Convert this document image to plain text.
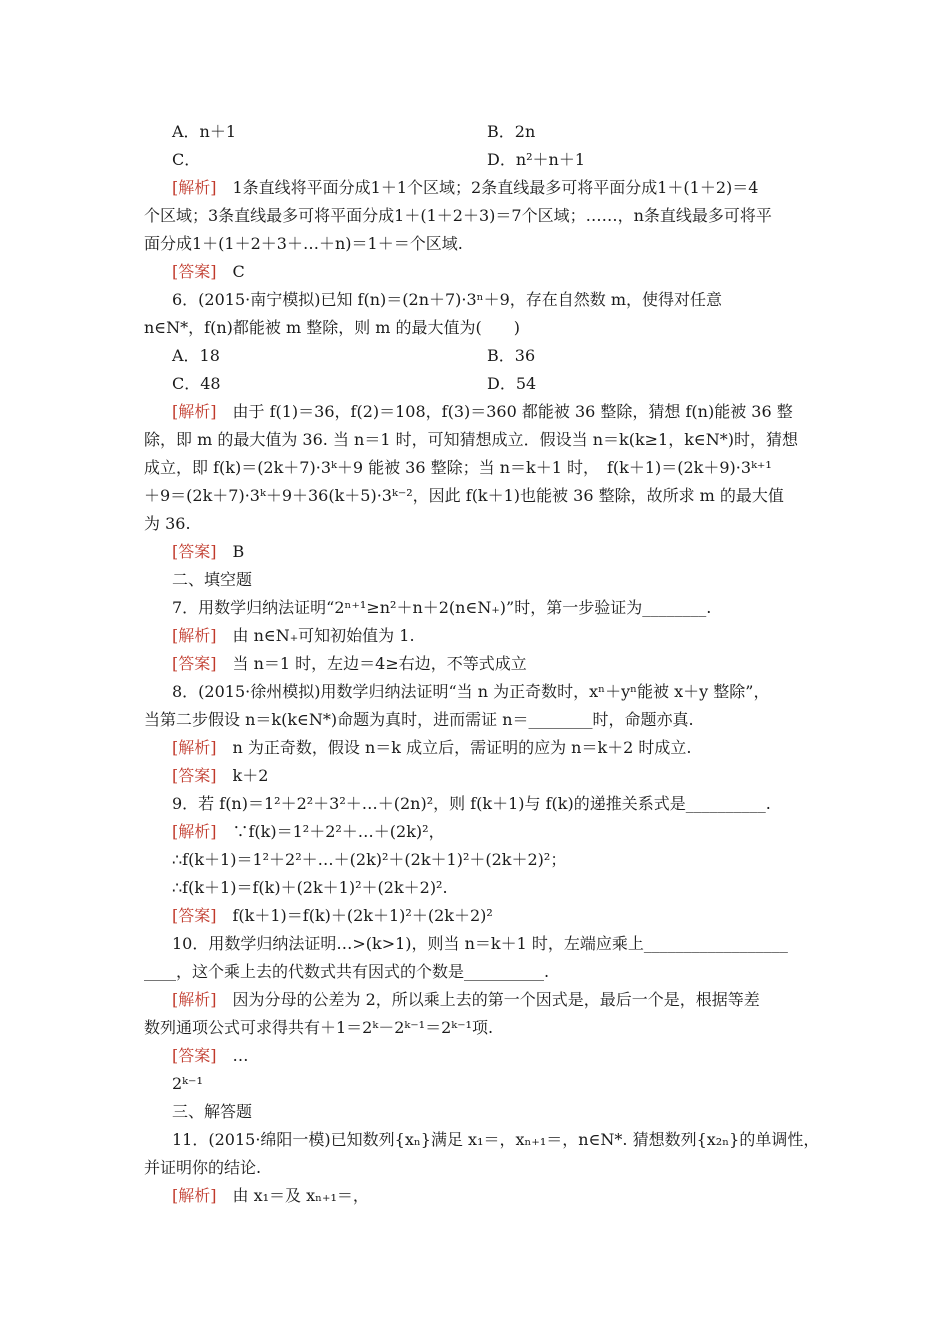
A．n＋1	B．2n
C．	D．n²＋n＋1
[解析]　1条直线将平面分成1＋1个区域；2条直线最多可将平面分成1＋(1＋2)＝4
个区域；3条直线最多可将平面分成1＋(1＋2＋3)＝7个区域；……，n条直线最多可将平
面分成1＋(1＋2＋3＋…＋n)＝1＋＝个区域.
[答案]　C
6．(2015·南宁模拟)已知 f(n)＝(2n＋7)·3ⁿ＋9，存在自然数 m，使得对任意
n∈N*，f(n)都能被 m 整除，则 m 的最大值为(　　)
A．18	B．36
C．48	D．54
[解析]　由于 f(1)＝36，f(2)＝108，f(3)＝360 都能被 36 整除，猜想 f(n)能被 36 整
除，即 m 的最大值为 36. 当 n＝1 时，可知猜想成立．假设当 n＝k(k≥1，k∈N*)时，猜想
成立，即 f(k)＝(2k＋7)·3ᵏ＋9 能被 36 整除；当 n＝k＋1 时，　f(k＋1)＝(2k＋9)·3ᵏ⁺¹
＋9＝(2k＋7)·3ᵏ＋9＋36(k＋5)·3ᵏ⁻²，因此 f(k＋1)也能被 36 整除，故所求 m 的最大值
为 36.
[答案]　B
二、填空题
7．用数学归纳法证明“2ⁿ⁺¹≥n²＋n＋2(n∈N₊)”时，第一步验证为________.
[解析]　由 n∈N₊可知初始值为 1.
[答案]　当 n＝1 时，左边＝4≥右边，不等式成立
8．(2015·徐州模拟)用数学归纳法证明“当 n 为正奇数时，xⁿ＋yⁿ能被 x＋y 整除”，
当第二步假设 n＝k(k∈N*)命题为真时，进而需证 n＝________时，命题亦真.
[解析]　n 为正奇数，假设 n＝k 成立后，需证明的应为 n＝k＋2 时成立.
[答案]　k＋2
9．若 f(n)＝1²＋2²＋3²＋…＋(2n)²，则 f(k＋1)与 f(k)的递推关系式是__________.
[解析]　∵f(k)＝1²＋2²＋…＋(2k)²，
∴f(k＋1)＝1²＋2²＋…＋(2k)²＋(2k＋1)²＋(2k＋2)²；
∴f(k＋1)＝f(k)＋(2k＋1)²＋(2k＋2)².
[答案]　f(k＋1)＝f(k)＋(2k＋1)²＋(2k＋2)²
10．用数学归纳法证明…>(k>1)，则当 n＝k＋1 时，左端应乘上__________________
____，这个乘上去的代数式共有因式的个数是__________.
[解析]　因为分母的公差为 2，所以乘上去的第一个因式是，最后一个是，根据等差
数列通项公式可求得共有＋1＝2ᵏ－2ᵏ⁻¹＝2ᵏ⁻¹项.
[答案]　…
2ᵏ⁻¹
三、解答题
11．(2015·绵阳一模)已知数列{xₙ}满足 x₁＝，xₙ₊₁＝，n∈N*. 猜想数列{x₂ₙ}的单调性，
并证明你的结论.
[解析]　由 x₁＝及 xₙ₊₁＝，
